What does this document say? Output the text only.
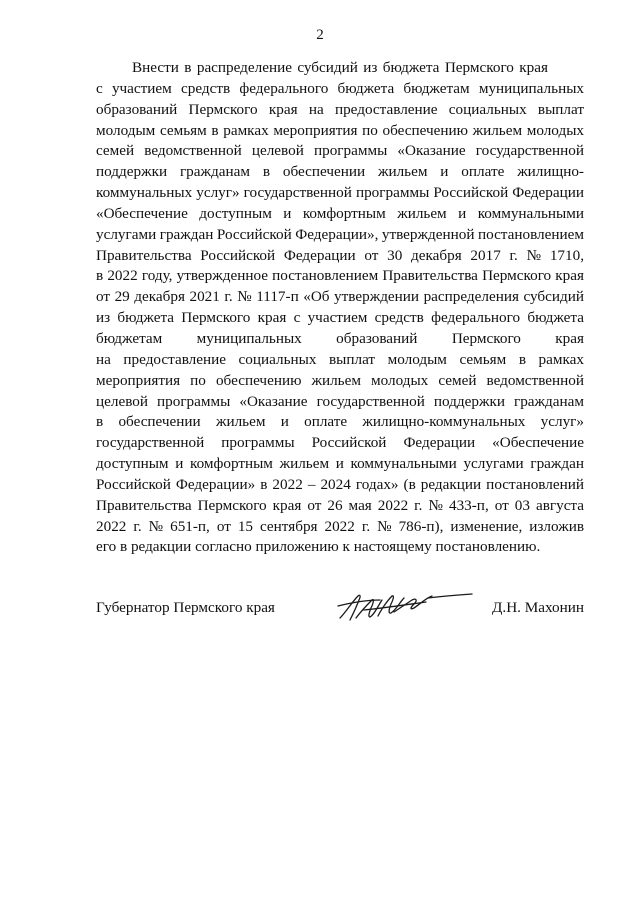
2
Внести в распределение субсидий из бюджета Пермского края
с участием средств федерального бюджета бюджетам муниципальных
образований Пермского края на предоставление социальных выплат
молодым семьям в рамках мероприятия по обеспечению жильем молодых
семей ведомственной целевой программы «Оказание государственной
поддержки гражданам в обеспечении жильем и оплате жилищно-
коммунальных услуг» государственной программы Российской Федерации
«Обеспечение доступным и комфортным жильем и коммунальными
услугами граждан Российской Федерации», утвержденной постановлением
Правительства Российской Федерации от 30 декабря 2017 г. № 1710,
в 2022 году, утвержденное постановлением Правительства Пермского края
от 29 декабря 2021 г. № 1117-п «Об утверждении распределения субсидий
из бюджета Пермского края с участием средств федерального бюджета
бюджетам муниципальных образований Пермского края
на предоставление социальных выплат молодым семьям в рамках
мероприятия по обеспечению жильем молодых семей ведомственной
целевой программы «Оказание государственной поддержки гражданам
в обеспечении жильем и оплате жилищно-коммунальных услуг»
государственной программы Российской Федерации «Обеспечение
доступным и комфортным жильем и коммунальными услугами граждан
Российской Федерации» в 2022 – 2024 годах» (в редакции постановлений
Правительства Пермского края от 26 мая 2022 г. № 433-п, от 03 августа
2022 г. № 651-п, от 15 сентября 2022 г. № 786-п), изменение, изложив
его в редакции согласно приложению к настоящему постановлению.
Губернатор Пермского края	Д.Н. Махонин
